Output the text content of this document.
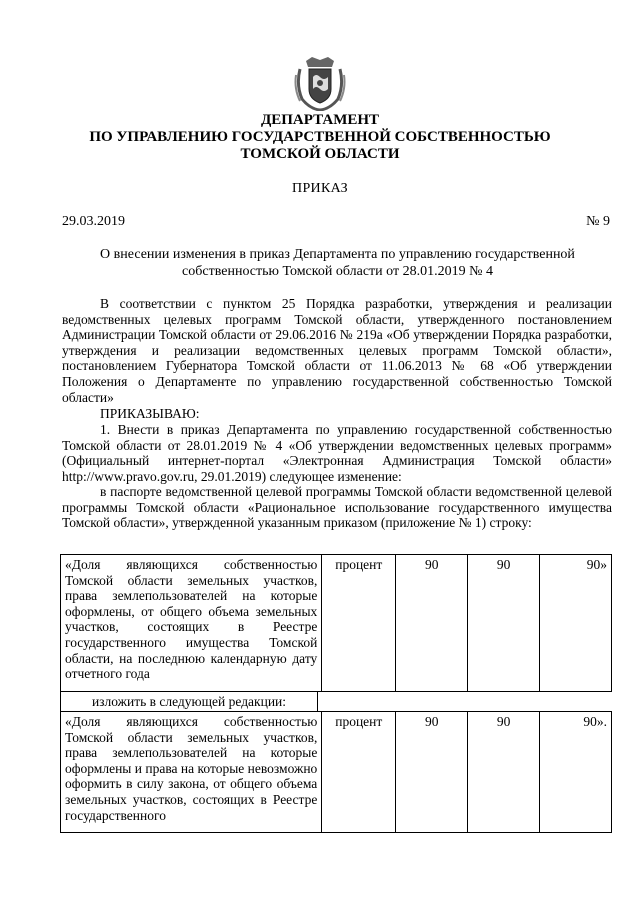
ДЕПАРТАМЕНТ
ПО УПРАВЛЕНИЮ ГОСУДАРСТВЕННОЙ СОБСТВЕННОСТЬЮ
ТОМСКОЙ ОБЛАСТИ
ПРИКАЗ
29.03.2019	№ 9
О внесении изменения в приказ Департамента по управлению государственной собственностью Томской области от 28.01.2019 № 4
В соответствии с пунктом 25 Порядка разработки, утверждения и реализации ведомственных целевых программ Томской области, утвержденного постановлением Администрации Томской области от 29.06.2016 № 219а «Об утверждении Порядка разработки, утверждения и реализации ведомственных целевых программ Томской области», постановлением Губернатора Томской области от 11.06.2013 № 68 «Об утверждении Положения о Департаменте по управлению государственной собственностью Томской области»
ПРИКАЗЫВАЮ:
1. Внести в приказ Департамента по управлению государственной собственностью Томской области от 28.01.2019 № 4 «Об утверждении ведомственных целевых программ» (Официальный интернет-портал «Электронная Администрация Томской области» http://www.pravo.gov.ru, 29.01.2019) следующее изменение:
в паспорте ведомственной целевой программы Томской области ведомственной целевой программы Томской области «Рациональное использование государственного имущества Томской области», утвержденной указанным приказом (приложение № 1) строку:
«Доля являющихся собственностью Томской области земельных участков, права землепользователей на которые оформлены, от общего объема земельных участков, состоящих в Реестре государственного имущества Томской области, на последнюю календарную дату отчетного года	процент	90	90	90»
изложить в следующей редакции:
«Доля являющихся собственностью Томской области земельных участков, права землепользователей на которые оформлены и права на которые невозможно оформить в силу закона, от общего объема земельных участков, состоящих в Реестре государственного	процент	90	90	90».
